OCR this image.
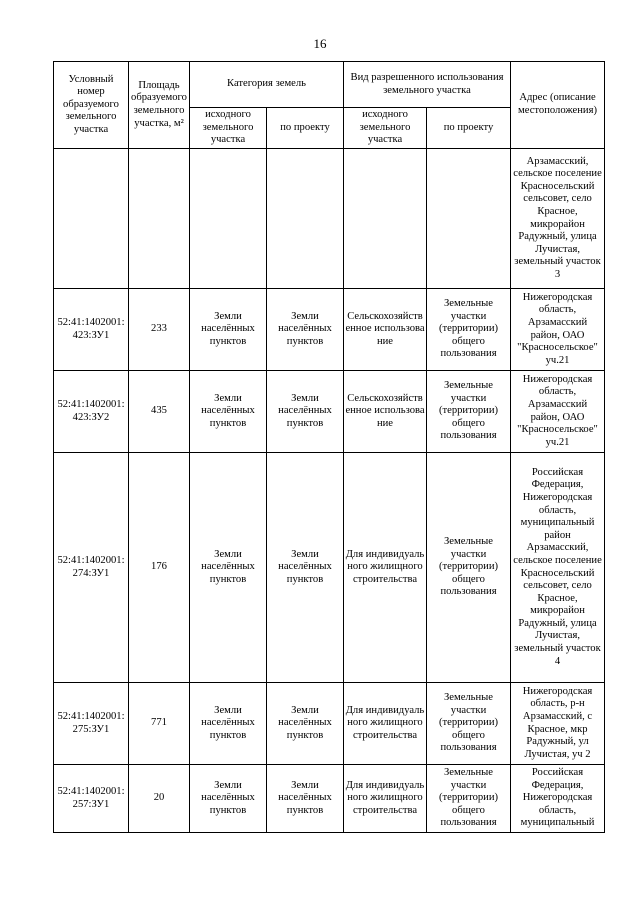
16
Условный номер образуемого земельного участка	Площадь образуемого земельного участка, м²	Категория земель		Вид разрешенного использования земельного участка		Адрес (описание местоположения)
		исходного земельного участка	по проекту	исходного земельного участка	по проекту	
						Арзамасский, сельское поселение Красносельский сельсовет, село Красное, микрорайон Радужный, улица Лучистая, земельный участок 3
52:41:1402001:423:ЗУ1	233	Земли населённых пунктов	Земли населённых пунктов	Сельскохозяйственное использование	Земельные участки (территории) общего пользования	Нижегородская область, Арзамасский район, ОАО "Красносельское" уч.21
52:41:1402001:423:ЗУ2	435	Земли населённых пунктов	Земли населённых пунктов	Сельскохозяйственное использование	Земельные участки (территории) общего пользования	Нижегородская область, Арзамасский район, ОАО "Красносельское" уч.21
52:41:1402001:274:ЗУ1	176	Земли населённых пунктов	Земли населённых пунктов	Для индивидуального жилищного строительства	Земельные участки (территории) общего пользования	Российская Федерация, Нижегородская область, муниципальный район Арзамасский, сельское поселение Красносельский сельсовет, село Красное, микрорайон Радужный, улица Лучистая, земельный участок 4
52:41:1402001:275:ЗУ1	771	Земли населённых пунктов	Земли населённых пунктов	Для индивидуального жилищного строительства	Земельные участки (территории) общего пользования	Нижегородская область, р-н Арзамасский, с Красное, мкр Радужный, ул Лучистая, уч 2
52:41:1402001:257:ЗУ1	20	Земли населённых пунктов	Земли населённых пунктов	Для индивидуального жилищного строительства	Земельные участки (территории) общего пользования	Российская Федерация, Нижегородская область, муниципальный
